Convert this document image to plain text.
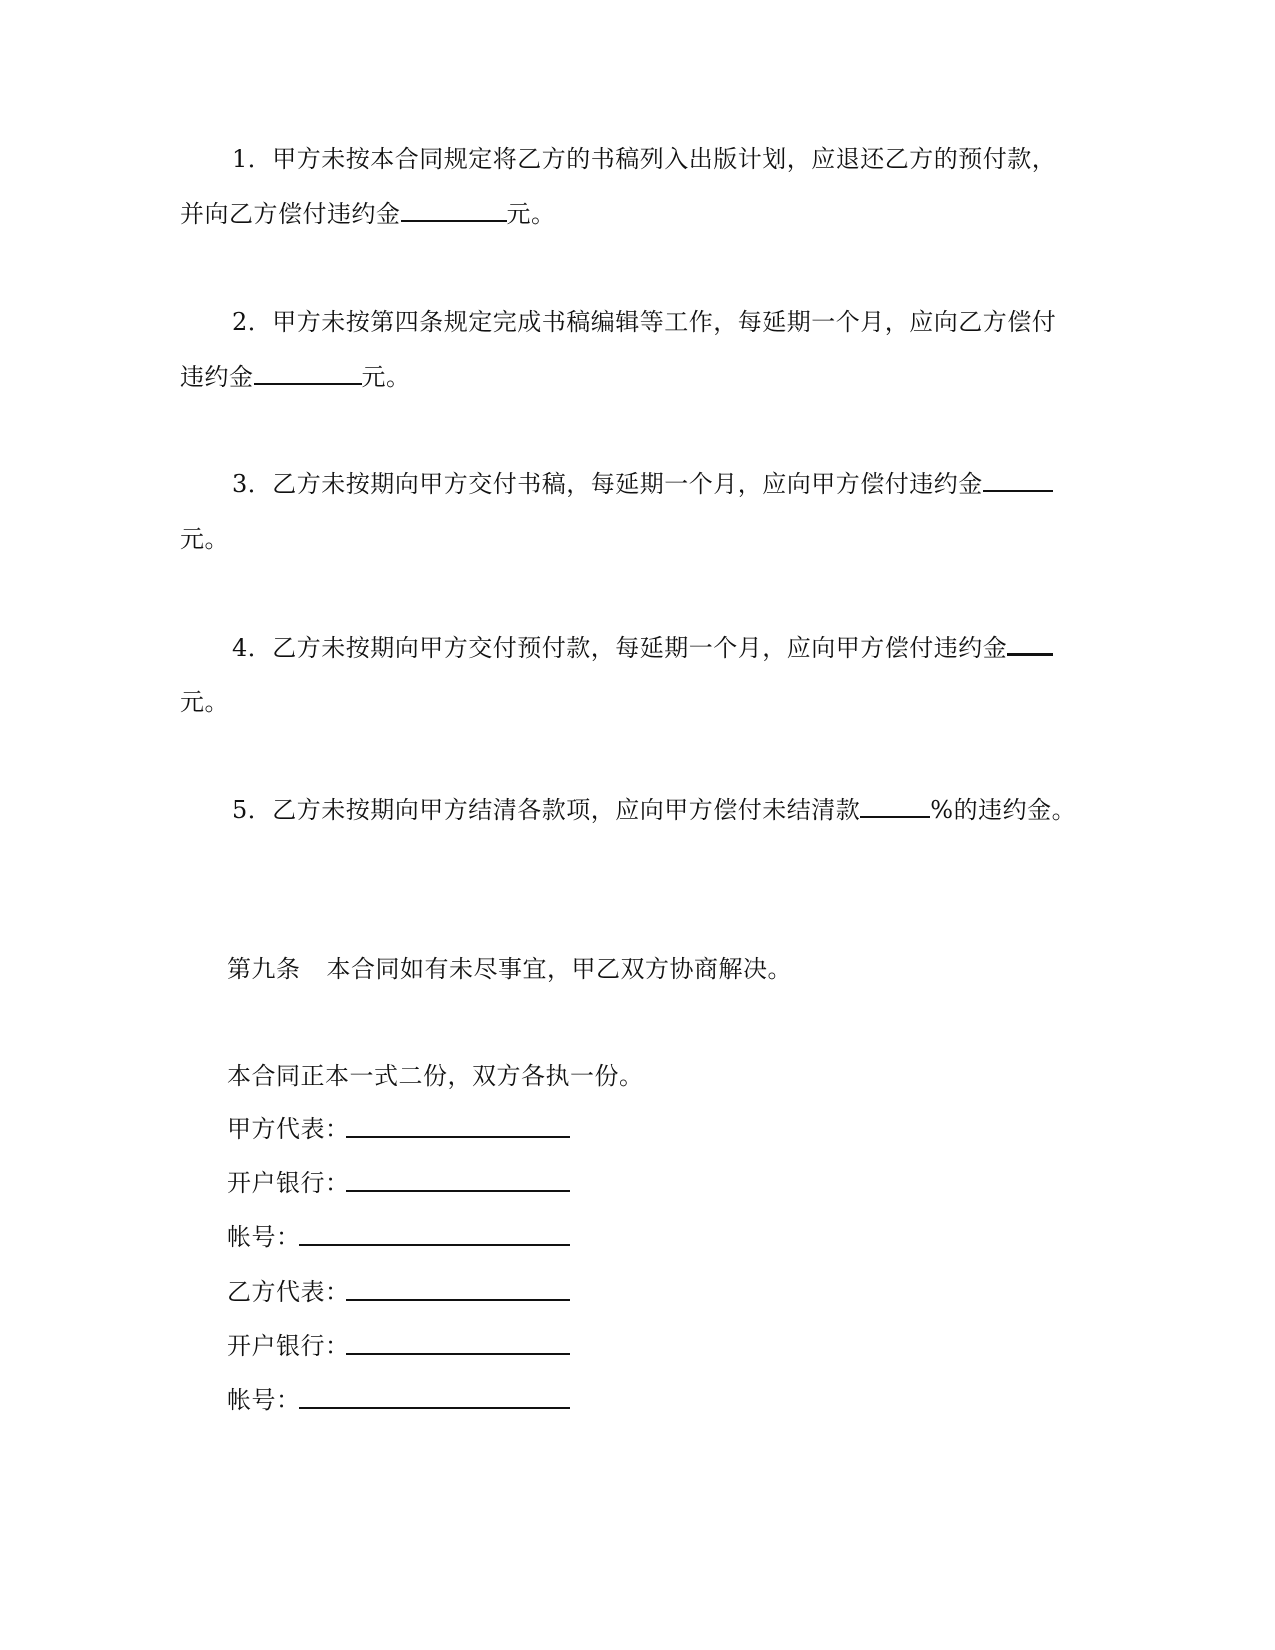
1．甲方未按本合同规定将乙方的书稿列入出版计划，应退还乙方的预付款，
并向乙方偿付违约金	元。
2．甲方未按第四条规定完成书稿编辑等工作，每延期一个月，应向乙方偿付
违约金	元。
3．乙方未按期向甲方交付书稿，每延期一个月，应向甲方偿付违约金
元。
4．乙方未按期向甲方交付预付款，每延期一个月，应向甲方偿付违约金
元。
5．乙方未按期向甲方结清各款项，应向甲方偿付未结清款	%的违约金。
第九条 本合同如有未尽事宜，甲乙双方协商解决。
本合同正本一式二份，双方各执一份。
甲方代表：
开户银行：
帐号：
乙方代表：
开户银行：
帐号：
